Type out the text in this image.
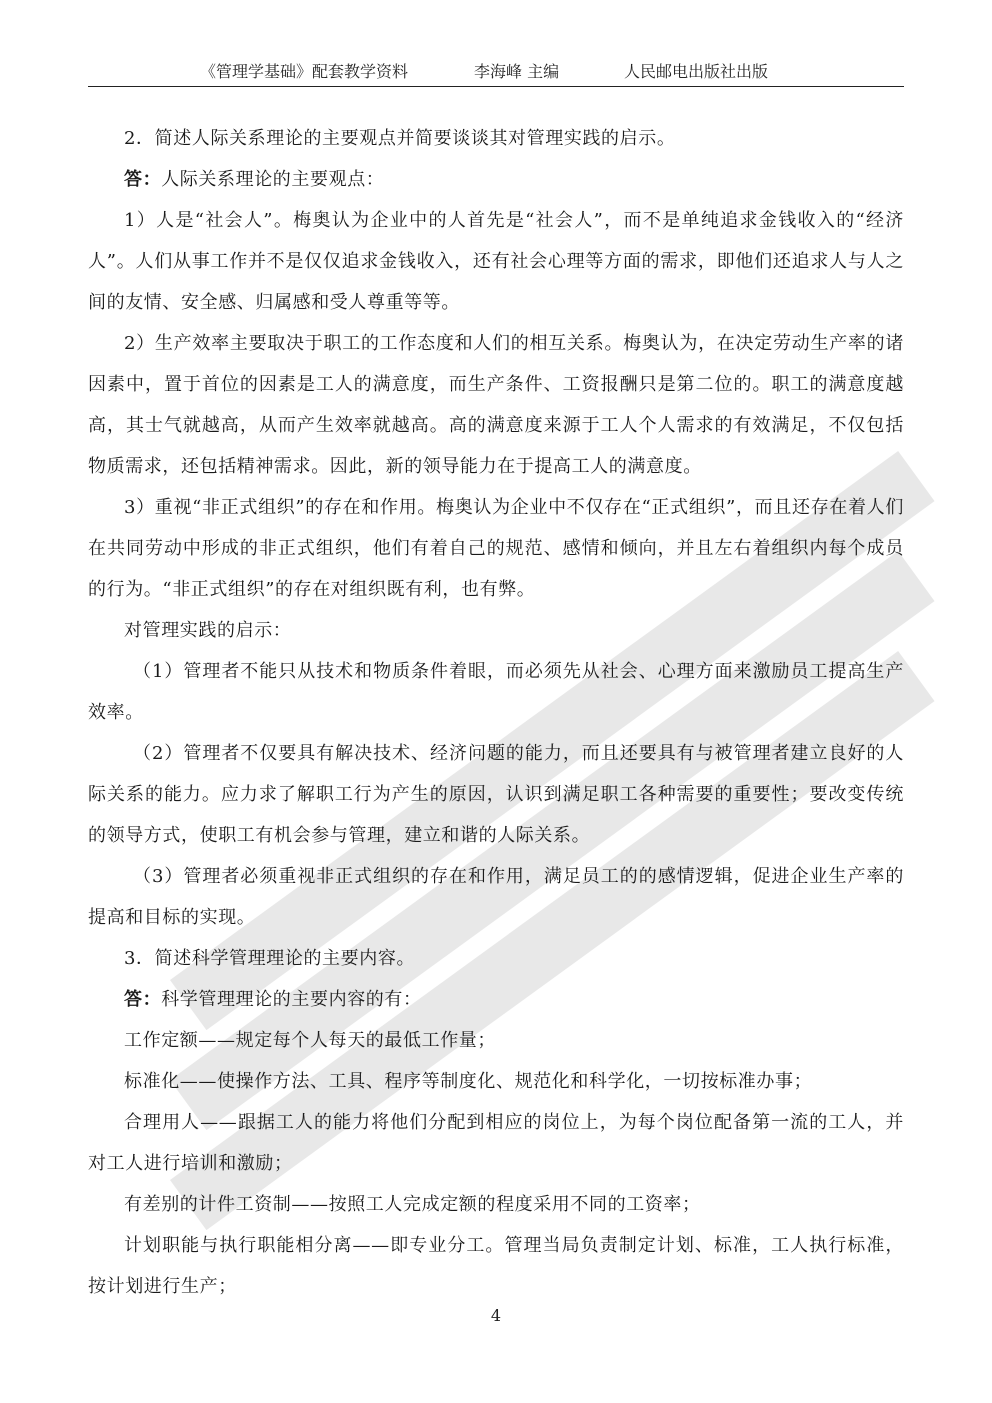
《管理学基础》配套教学资料	李海峰 主编	人民邮电出版社出版

2．简述人际关系理论的主要观点并简要谈谈其对管理实践的启示。

答：人际关系理论的主要观点：

1）人是“社会人”。梅奥认为企业中的人首先是“社会人”，而不是单纯追求金钱收入的“经济人”。人们从事工作并不是仅仅追求金钱收入，还有社会心理等方面的需求，即他们还追求人与人之间的友情、安全感、归属感和受人尊重等等。

2）生产效率主要取决于职工的工作态度和人们的相互关系。梅奥认为，在决定劳动生产率的诸因素中，置于首位的因素是工人的满意度，而生产条件、工资报酬只是第二位的。职工的满意度越高，其士气就越高，从而产生效率就越高。高的满意度来源于工人个人需求的有效满足，不仅包括物质需求，还包括精神需求。因此，新的领导能力在于提高工人的满意度。

3）重视“非正式组织”的存在和作用。梅奥认为企业中不仅存在“正式组织”，而且还存在着人们在共同劳动中形成的非正式组织，他们有着自己的规范、感情和倾向，并且左右着组织内每个成员的行为。“非正式组织”的存在对组织既有利，也有弊。

对管理实践的启示：

（1）管理者不能只从技术和物质条件着眼，而必须先从社会、心理方面来激励员工提高生产效率。

（2）管理者不仅要具有解决技术、经济问题的能力，而且还要具有与被管理者建立良好的人际关系的能力。应力求了解职工行为产生的原因，认识到满足职工各种需要的重要性；要改变传统的领导方式，使职工有机会参与管理，建立和谐的人际关系。

（3）管理者必须重视非正式组织的存在和作用，满足员工的的感情逻辑，促进企业生产率的提高和目标的实现。

3．简述科学管理理论的主要内容。

答：科学管理理论的主要内容的有：

工作定额——规定每个人每天的最低工作量；

标准化——使操作方法、工具、程序等制度化、规范化和科学化，一切按标准办事；

合理用人——跟据工人的能力将他们分配到相应的岗位上，为每个岗位配备第一流的工人，并对工人进行培训和激励；

有差别的计件工资制——按照工人完成定额的程度采用不同的工资率；

计划职能与执行职能相分离——即专业分工。管理当局负责制定计划、标准，工人执行标准，按计划进行生产；

4
